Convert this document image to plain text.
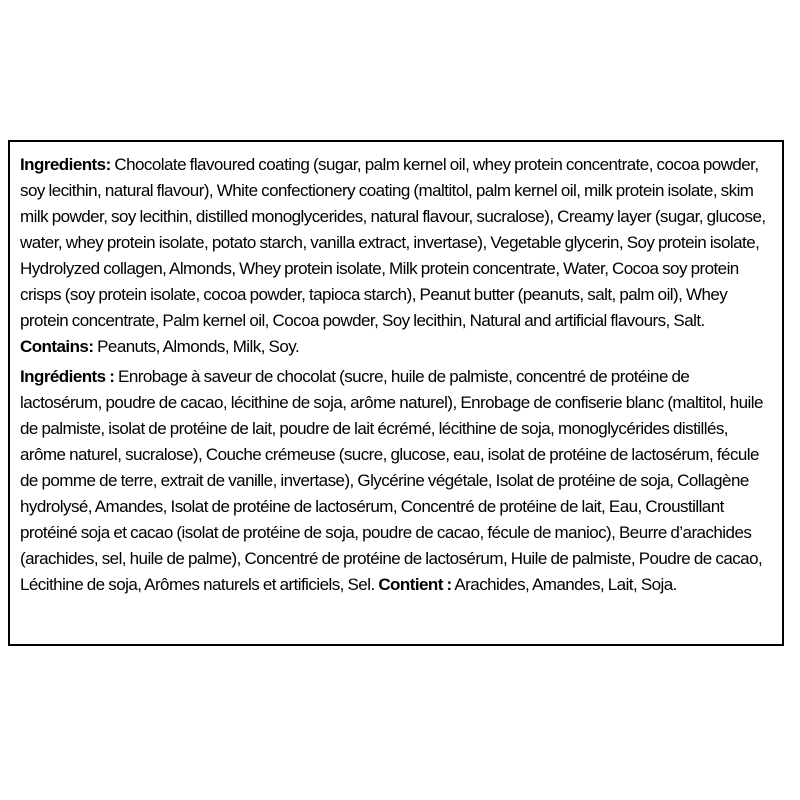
Ingredients: Chocolate flavoured coating (sugar, palm kernel oil, whey protein concentrate, cocoa powder, soy lecithin, natural flavour), White confectionery coating (maltitol, palm kernel oil, milk protein isolate, skim milk powder, soy lecithin, distilled monoglycerides, natural flavour, sucralose), Creamy layer (sugar, glucose, water, whey protein isolate, potato starch, vanilla extract, invertase), Vegetable glycerin, Soy protein isolate, Hydrolyzed collagen, Almonds, Whey protein isolate, Milk protein concentrate, Water, Cocoa soy protein crisps (soy protein isolate, cocoa powder, tapioca starch), Peanut butter (peanuts, salt, palm oil), Whey protein concentrate, Palm kernel oil, Cocoa powder, Soy lecithin, Natural and artificial flavours, Salt. Contains: Peanuts, Almonds, Milk, Soy.

Ingrédients : Enrobage à saveur de chocolat (sucre, huile de palmiste, concentré de protéine de lactosérum, poudre de cacao, lécithine de soja, arôme naturel), Enrobage de confiserie blanc (maltitol, huile de palmiste, isolat de protéine de lait, poudre de lait écrémé, lécithine de soja, monoglycérides distillés, arôme naturel, sucralose), Couche crémeuse (sucre, glucose, eau, isolat de protéine de lactosérum, fécule de pomme de terre, extrait de vanille, invertase), Glycérine végétale, Isolat de protéine de soja, Collagène hydrolysé, Amandes, Isolat de protéine de lactosérum, Concentré de protéine de lait, Eau, Croustillant protéiné soja et cacao (isolat de protéine de soja, poudre de cacao, fécule de manioc), Beurre d’arachides (arachides, sel, huile de palme), Concentré de protéine de lactosérum, Huile de palmiste, Poudre de cacao, Lécithine de soja, Arômes naturels et artificiels, Sel. Contient : Arachides, Amandes, Lait, Soja.
